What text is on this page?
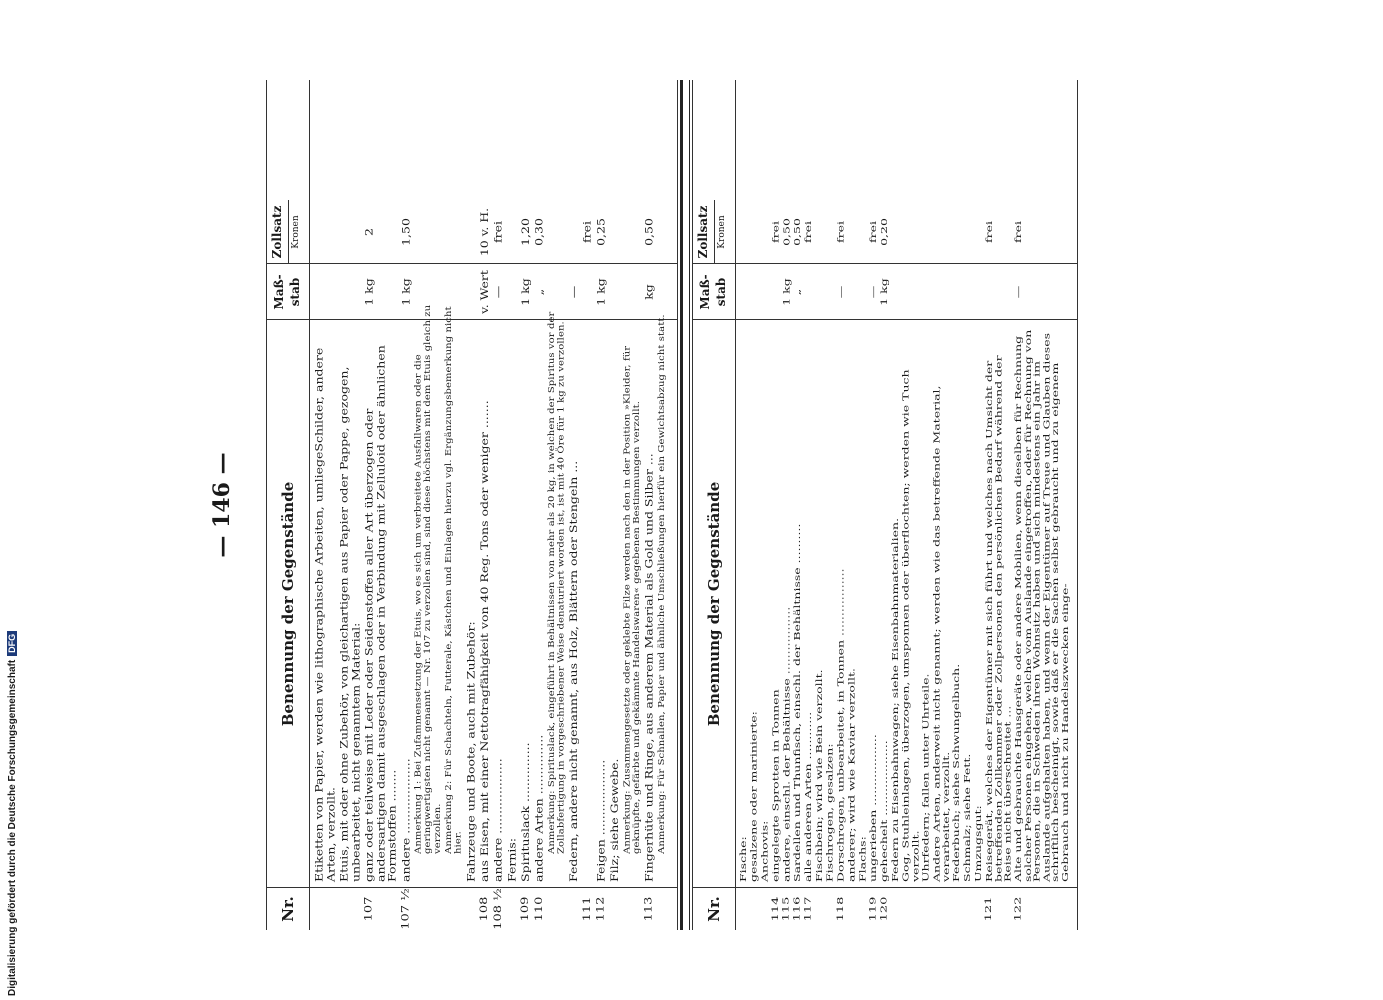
— 146 —
Nr.
Benennung der Gegenstände
Maß-stab
Zollsatz Kronen
Etiketten von Papier, werden wie lithographische Arbeiten, umliegeSchilder, andere Arten, verzollt. Etuis, mit oder ohne Zubehör, von gleichartigen aus Papier oder Pappe, gezogen, unbearbeitet, nicht genanntem Material:
107
ganz oder teilweise mit Leder oder Seidenstoffen aller Art überzogen oder andersartigen damit ausgeschlagen oder in Verbindung mit Zelluloid oder ähnlichen Formstoffen ........
1 kg
2
107 ½
andere ...................
1 kg
1,50
Anmerkung 1: Bei Zufammensetzung der Etuis, wo es sich um verbreitete Ausfallwaren oder die geringwertigsten nicht genannt — Nr. 107 zu verzollen sind, sind diese höchstens mit dem Etuis gleich zu verzollen. Anmerkung 2: Für Schachteln, Futterale, Kästchen und Einlagen hierzu vgl. Ergänzungsbemerkung nicht hier. Fahrzeuge und Boote, auch mit Zubehör:
108
aus Eisen, mit einer Nettotragfähigkeit von 40 Reg. Tons oder weniger .......
v. Wert
10 v. H.
108 ½
andere ...................
—
frei
Fernis:
109
Spirituslack ...............
1 kg
1,20
110
andere Arten ...............
„
0,30
Anmerkung: Spirituslack, eingeführt in Behältnissen von mehr als 20 kg, in welchen der Spiritus vor der Zollabfertigung in vorgeschriebener Weise denaturiert worden ist, ist mit 40 Öre für 1 kg zu verzollen. Federn, andere nicht genannt, aus Holz, Blättern oder Stengeln ...
—
111
frei
112
Feigen ...................
1 kg
0,25
Filz; siehe Gewebe. Anmerkung: Zusammengesetzte oder geklebte Filze werden nach den in der Position »Kleider, für geknüpfte, gefärbte und gekämmte Handelswaren« gegebenen Bestimmungen verzollt.
113
Fingerhüte und Ringe, aus anderem Material als Gold und Silber ...
kg
0,50
Anmerkung: Für Schnallen, Papier und ähnliche Umschließungen hierfür ein Gewichtsabzug nicht statt.
Nr.
Benennung der Gegenstände
Maß-stab
Zollsatz Kronen
Fische: gesalzene oder marinierte: Anchovis:
114
eingelegte Sprotten in Tonnen
frei
115
andere, einschl. der Behältnisse .................
1 kg
0,50
116
Sardellen und Thunfisch, einschl. der Behältnisse ..........
„
0,50
117
alle anderen Arten ............
frei
Fischbein; wird wie Bein verzollt. Fischrogen, gesalzen:
118
Dorschrogen, unbearbeitet, in Tonnen .................
—
frei
anderer; wird wie Kaviar verzollt. Flachs:
119
ungerieben ..................
—
frei
120
gehechelt ...................
1 kg
0,20
Federn zu Eisenbahnwagen; siehe Eisenbahnmaterialien. Gog, Stuhleinlagen, überzogen, umsponnen oder überflochten; werden wie Tuch verzollt. Uhrfedern; fallen unter Uhrteile. Andere Arten, anderweit nicht genannt; werden wie das betreffende Material, verarbeitet, verzollt. Federbuch; siehe Schwungelbuch. Schmalz; siehe Fett. Umzugsgut:
121
Reisegerät, welches der Eigentümer mit sich führt und welches nach Umsicht der betreffenden Zollkammer oder Zollpersonen den persönlichen Bedarf während der Reise nicht überschreitet ...
frei
122
Alte und gebrauchte Hausgeräte oder andere Mobilien, wenn dieselben für Rechnung solcher Personen eingehen, welche vom Auslande eingetroffen, oder für Rechnung von Personen, die in Schweden ihren Wohnsitz haben und sich mindestens ein Jahr im Auslande aufgehalten haben, und wenn der Eigentümer auf Treue und Glauben dieses schriftlich bescheinigt, sowie daß er die Sachen selbst gebraucht und zu eigenem Gebrauch und nicht zu Handelszwecken einge-
—
frei
Digitalisierung gefördert durch die Deutsche ForschungsgemeinschaftDFG
